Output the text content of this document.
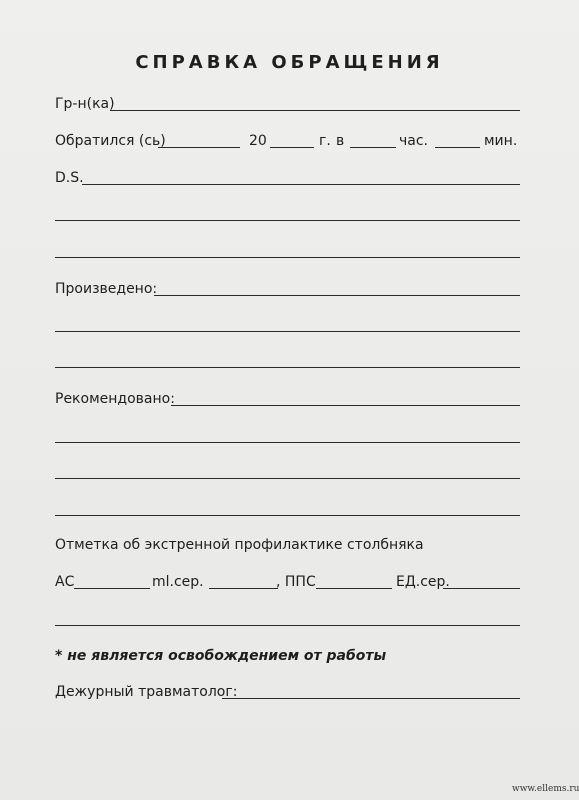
СПРАВКА ОБРАЩЕНИЯ
Гр-н(ка)
Обратился (сь)	20	г. в	час.	мин.
D.S.
Произведено:
Рекомендовано:
Отметка об экстренной профилактике столбняка
АС	ml.сер.	, ППС	ЕД.сер.
* не является освобождением от работы
Дежурный травматолог:
www.ellems.ru
